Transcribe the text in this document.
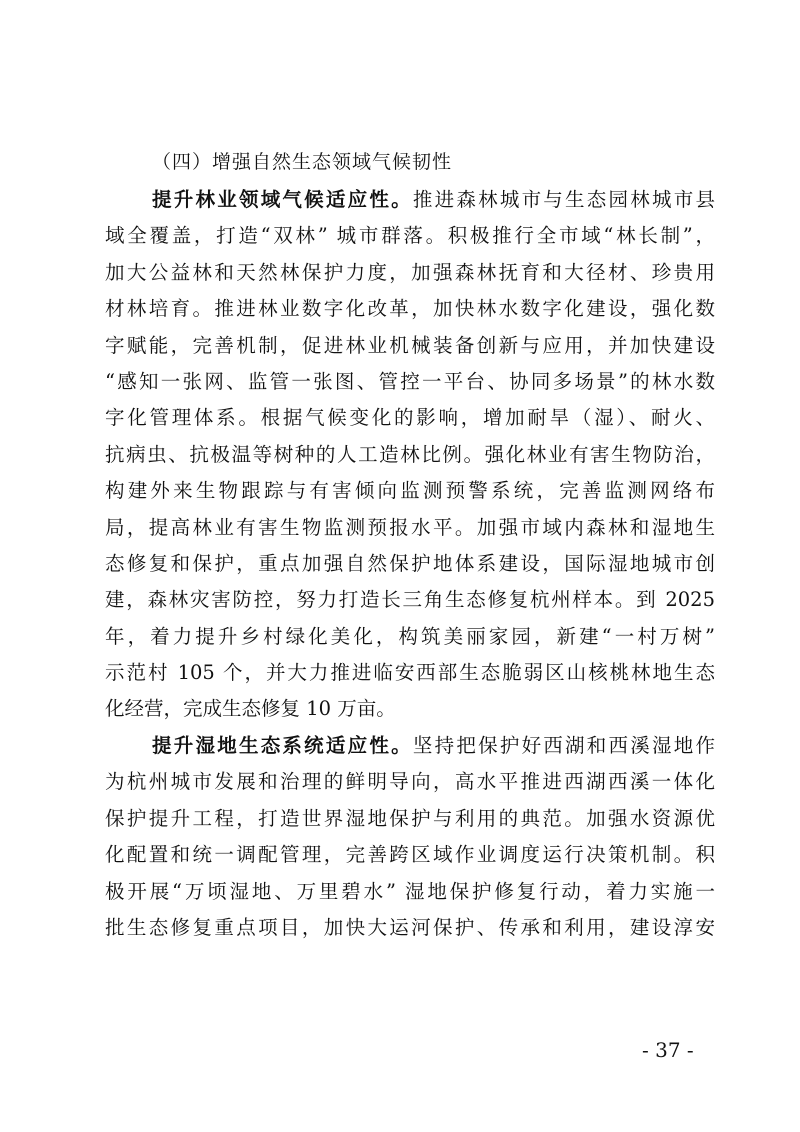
（四）增强自然生态领域气候韧性
提升林业领域气候适应性。推进森林城市与生态园林城市县
域全覆盖，打造“双林” 城市群落。积极推行全市域“林长制”，
加大公益林和天然林保护力度，加强森林抚育和大径材、珍贵用
材林培育。推进林业数字化改革，加快林水数字化建设，强化数
字赋能，完善机制，促进林业机械装备创新与应用，并加快建设
“感知一张网、监管一张图、管控一平台、协同多场景”的林水数
字化管理体系。根据气候变化的影响，增加耐旱（湿）、耐火、
抗病虫、抗极温等树种的人工造林比例。强化林业有害生物防治，
构建外来生物跟踪与有害倾向监测预警系统，完善监测网络布
局，提高林业有害生物监测预报水平。加强市域内森林和湿地生
态修复和保护，重点加强自然保护地体系建设，国际湿地城市创
建，森林灾害防控，努力打造长三角生态修复杭州样本。到 2025
年，着力提升乡村绿化美化，构筑美丽家园，新建“一村万树”
示范村 105 个，并大力推进临安西部生态脆弱区山核桃林地生态
化经营，完成生态修复 10 万亩。
提升湿地生态系统适应性。坚持把保护好西湖和西溪湿地作
为杭州城市发展和治理的鲜明导向，高水平推进西湖西溪一体化
保护提升工程，打造世界湿地保护与利用的典范。加强水资源优
化配置和统一调配管理，完善跨区域作业调度运行决策机制。积
极开展“万顷湿地、万里碧水” 湿地保护修复行动，着力实施一
批生态修复重点项目，加快大运河保护、传承和利用，建设淳安
- 37 -
